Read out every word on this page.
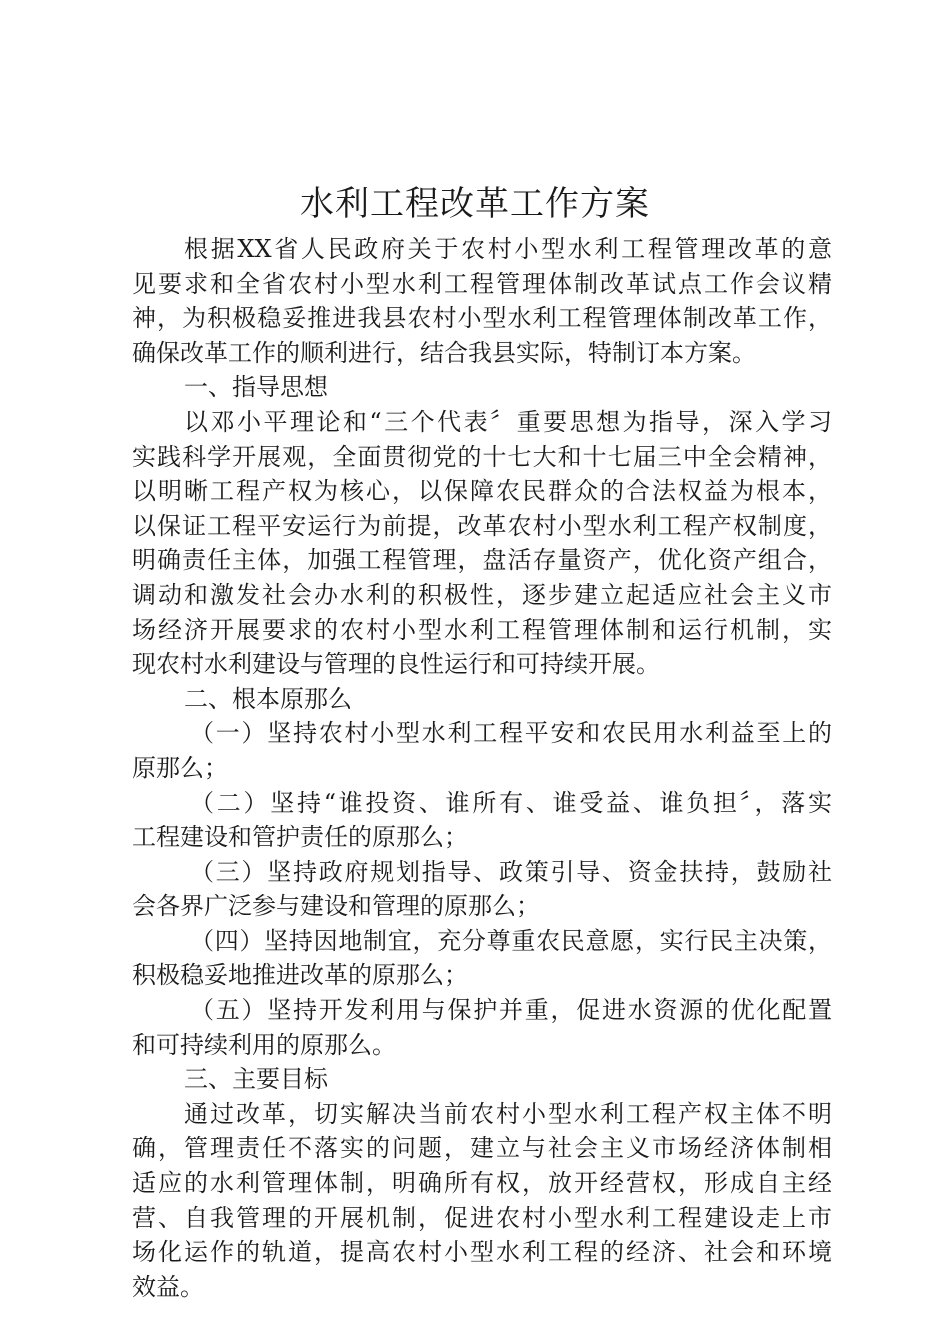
水利工程改革工作方案
根据XX省人民政府关于农村小型水利工程管理改革的意
见要求和全省农村小型水利工程管理体制改革试点工作会议精
神，为积极稳妥推进我县农村小型水利工程管理体制改革工作，
确保改革工作的顺利进行，结合我县实际，特制订本方案。
一、指导思想
以邓小平理论和“三个代表〞重要思想为指导，深入学习
实践科学开展观，全面贯彻党的十七大和十七届三中全会精神，
以明晰工程产权为核心，以保障农民群众的合法权益为根本，
以保证工程平安运行为前提，改革农村小型水利工程产权制度，
明确责任主体，加强工程管理，盘活存量资产，优化资产组合，
调动和激发社会办水利的积极性，逐步建立起适应社会主义市
场经济开展要求的农村小型水利工程管理体制和运行机制，实
现农村水利建设与管理的良性运行和可持续开展。
二、根本原那么
（一）坚持农村小型水利工程平安和农民用水利益至上的
原那么；
（二）坚持“谁投资、谁所有、谁受益、谁负担〞，落实
工程建设和管护责任的原那么；
（三）坚持政府规划指导、政策引导、资金扶持，鼓励社
会各界广泛参与建设和管理的原那么；
（四）坚持因地制宜，充分尊重农民意愿，实行民主决策，
积极稳妥地推进改革的原那么；
（五）坚持开发利用与保护并重，促进水资源的优化配置
和可持续利用的原那么。
三、主要目标
通过改革，切实解决当前农村小型水利工程产权主体不明
确，管理责任不落实的问题，建立与社会主义市场经济体制相
适应的水利管理体制，明确所有权，放开经营权，形成自主经
营、自我管理的开展机制，促进农村小型水利工程建设走上市
场化运作的轨道，提高农村小型水利工程的经济、社会和环境
效益。
